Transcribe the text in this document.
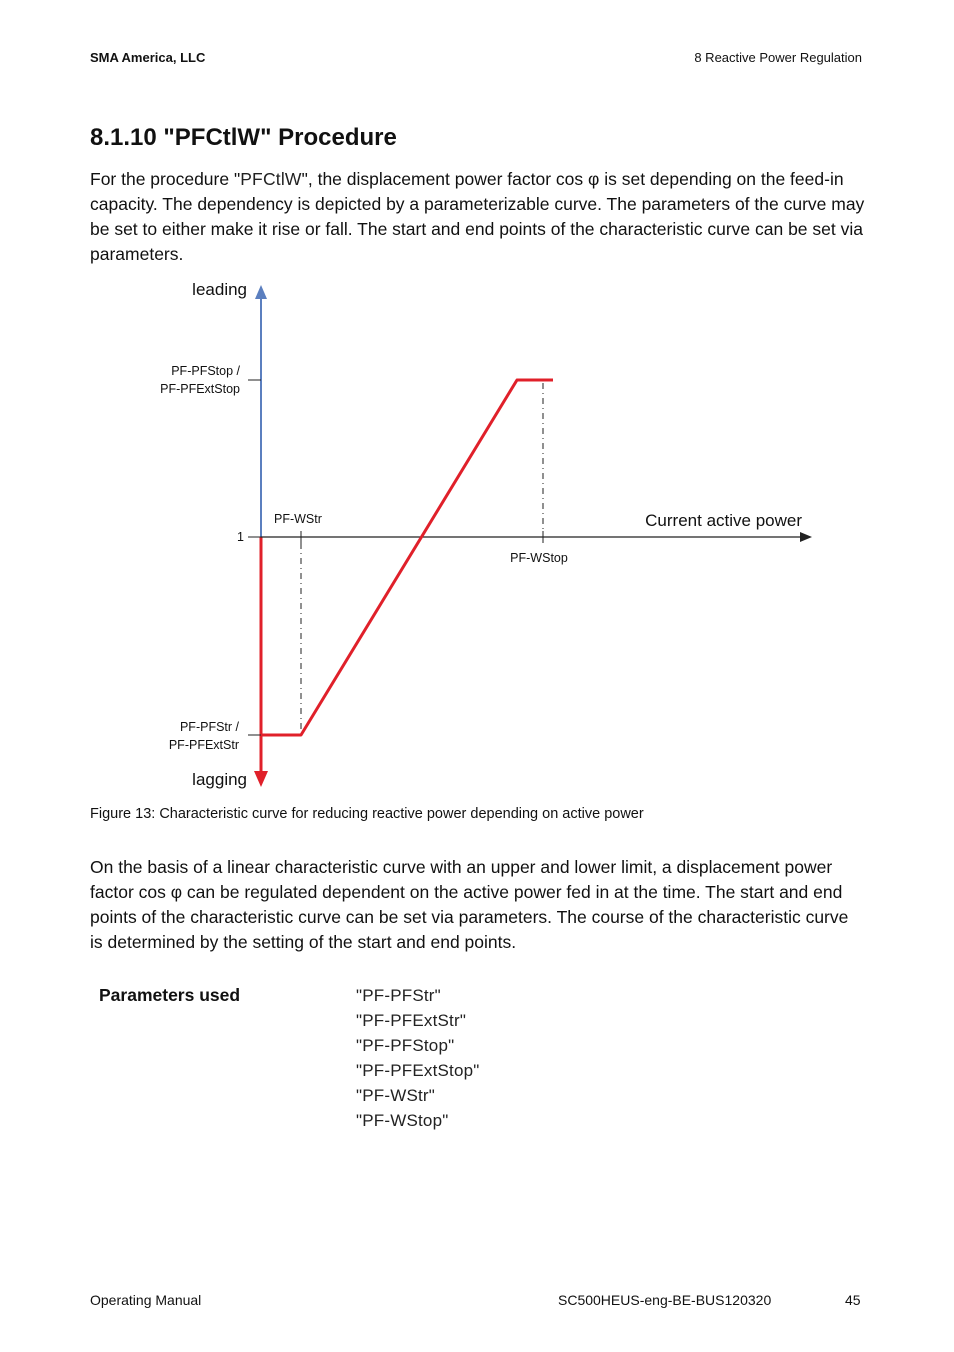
SMA America, LLC	8 Reactive Power Regulation
8.1.10 "PFCtlW" Procedure

For the procedure "PFCtlW", the displacement power factor cos φ is set depending on the feed-in capacity. The dependency is depicted by a parameterizable curve. The parameters of the curve may be set to either make it rise or fall. The start and end points of the characteristic curve can be set via parameters.

leading
lagging
PF-PFStop /
PF-PFExtStop
1
PF-PFStr /
PF-PFExtStr
PF-WStr
PF-WStop
Current active power
Figure 13: Characteristic curve for reducing reactive power depending on active power

On the basis of a linear characteristic curve with an upper and lower limit, a displacement power factor cos φ can be regulated dependent on the active power fed in at the time. The start and end points of the characteristic curve can be set via parameters. The course of the characteristic curve is determined by the setting of the start and end points.

Parameters used	"PF-PFStr"
"PF-PFExtStr"
"PF-PFStop"
"PF-PFExtStop"
"PF-WStr"
"PF-WStop"
Operating Manual	SC500HEUS-eng-BE-BUS120320	45
